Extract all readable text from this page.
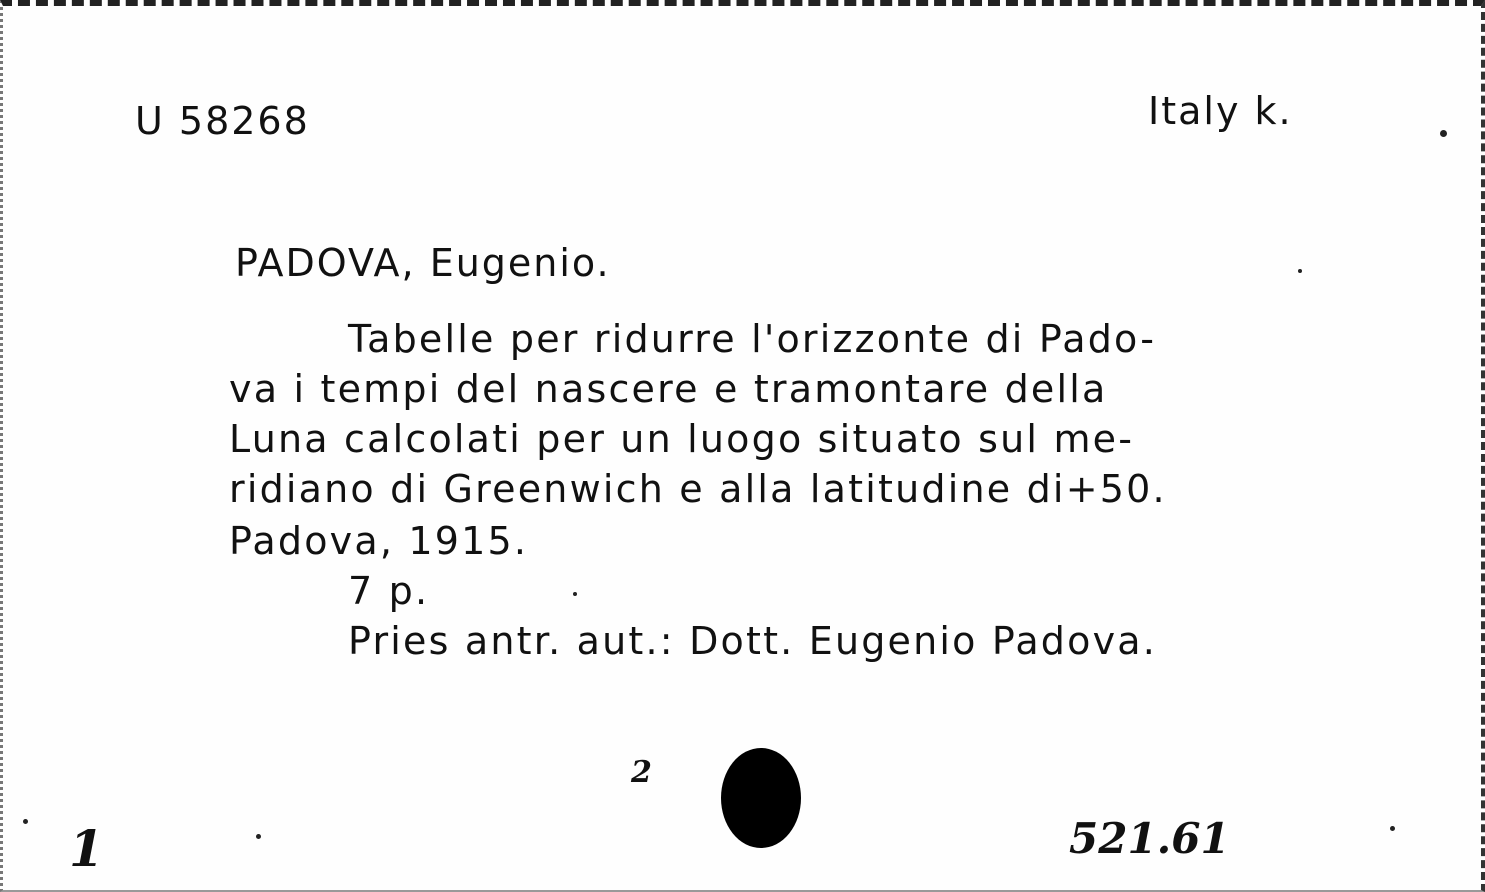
U 58268	Italy k.
PADOVA, Eugenio.
Tabelle per ridurre l'orizzonte di Pado-
va i tempi del nascere e tramontare della
Luna calcolati per un luogo situato sul me-
ridiano di Greenwich e alla latitudine di+50.
Padova, 1915.
7 p.
Pries antr. aut.: Dott. Eugenio Padova.
1
2
521.61
